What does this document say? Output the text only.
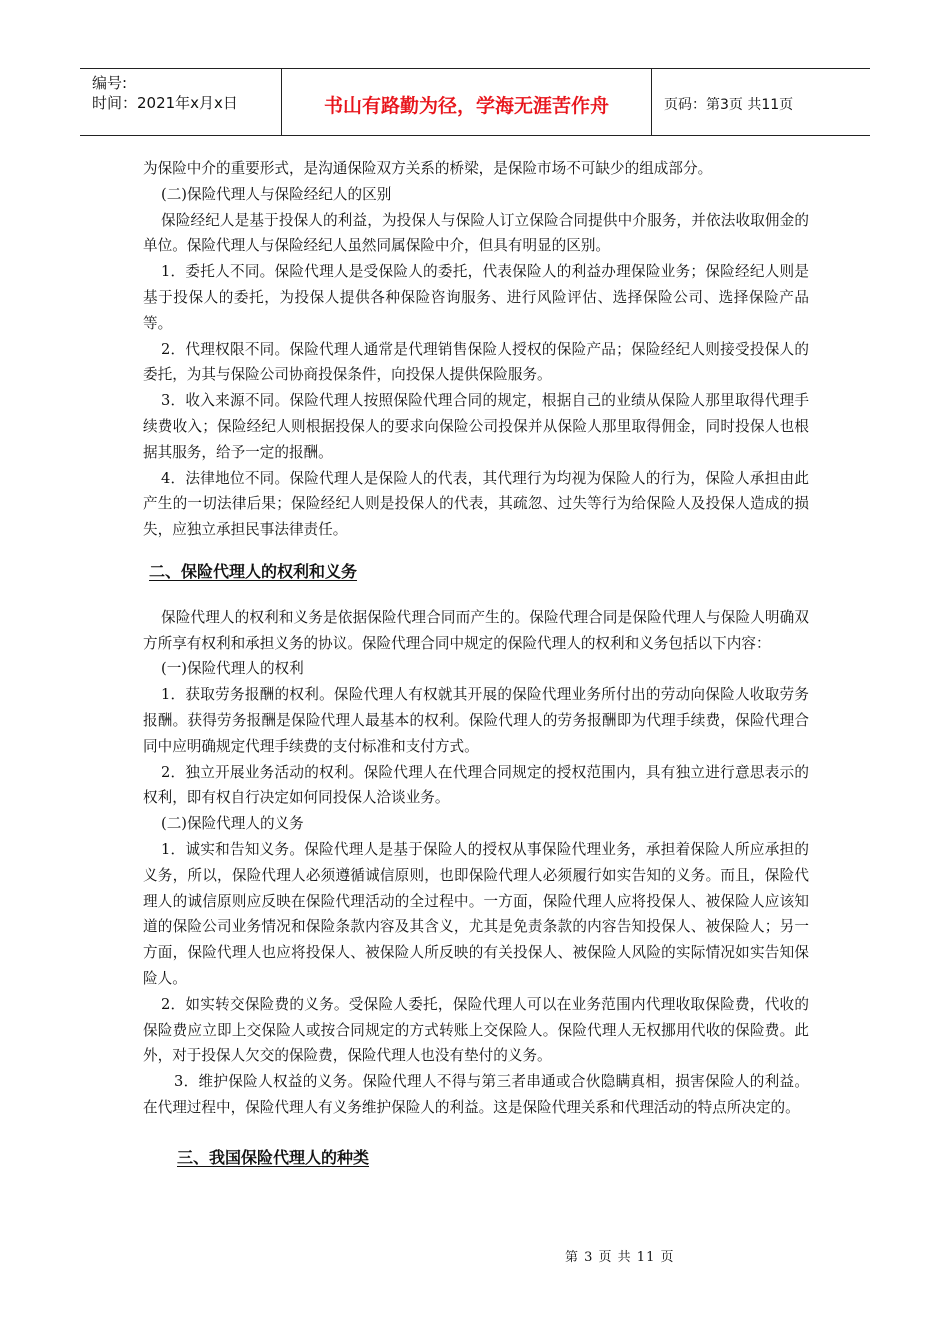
编号:
时间：2021年x月x日	书山有路勤为径，学海无涯苦作舟	页码：第3页 共11页

为保险中介的重要形式，是沟通保险双方关系的桥梁，是保险市场不可缺少的组成部分。

(二)保险代理人与保险经纪人的区别

保险经纪人是基于投保人的利益，为投保人与保险人订立保险合同提供中介服务，并依法收取佣金的单位。保险代理人与保险经纪人虽然同属保险中介，但具有明显的区别。

1．委托人不同。保险代理人是受保险人的委托，代表保险人的利益办理保险业务；保险经纪人则是基于投保人的委托，为投保人提供各种保险咨询服务、进行风险评估、选择保险公司、选择保险产品等。

2．代理权限不同。保险代理人通常是代理销售保险人授权的保险产品；保险经纪人则接受投保人的委托，为其与保险公司协商投保条件，向投保人提供保险服务。

3．收入来源不同。保险代理人按照保险代理合同的规定，根据自己的业绩从保险人那里取得代理手续费收入；保险经纪人则根据投保人的要求向保险公司投保并从保险人那里取得佣金，同时投保人也根据其服务，给予一定的报酬。

4．法律地位不同。保险代理人是保险人的代表，其代理行为均视为保险人的行为，保险人承担由此产生的一切法律后果；保险经纪人则是投保人的代表，其疏忽、过失等行为给保险人及投保人造成的损失，应独立承担民事法律责任。

二、保险代理人的权利和义务

保险代理人的权利和义务是依据保险代理合同而产生的。保险代理合同是保险代理人与保险人明确双方所享有权利和承担义务的协议。保险代理合同中规定的保险代理人的权利和义务包括以下内容：

(一)保险代理人的权利

1．获取劳务报酬的权利。保险代理人有权就其开展的保险代理业务所付出的劳动向保险人收取劳务报酬。获得劳务报酬是保险代理人最基本的权利。保险代理人的劳务报酬即为代理手续费，保险代理合同中应明确规定代理手续费的支付标准和支付方式。

2．独立开展业务活动的权利。保险代理人在代理合同规定的授权范围内，具有独立进行意思表示的权利，即有权自行决定如何同投保人洽谈业务。

(二)保险代理人的义务

1．诚实和告知义务。保险代理人是基于保险人的授权从事保险代理业务，承担着保险人所应承担的义务，所以，保险代理人必须遵循诚信原则，也即保险代理人必须履行如实告知的义务。而且，保险代理人的诚信原则应反映在保险代理活动的全过程中。一方面，保险代理人应将投保人、被保险人应该知道的保险公司业务情况和保险条款内容及其含义，尤其是免责条款的内容告知投保人、被保险人；另一方面，保险代理人也应将投保人、被保险人所反映的有关投保人、被保险人风险的实际情况如实告知保险人。

2．如实转交保险费的义务。受保险人委托，保险代理人可以在业务范围内代理收取保险费，代收的保险费应立即上交保险人或按合同规定的方式转账上交保险人。保险代理人无权挪用代收的保险费。此外，对于投保人欠交的保险费，保险代理人也没有垫付的义务。

3．维护保险人权益的义务。保险代理人不得与第三者串通或合伙隐瞒真相，损害保险人的利益。在代理过程中，保险代理人有义务维护保险人的利益。这是保险代理关系和代理活动的特点所决定的。

三、我国保险代理人的种类
第 3 页 共 11 页
